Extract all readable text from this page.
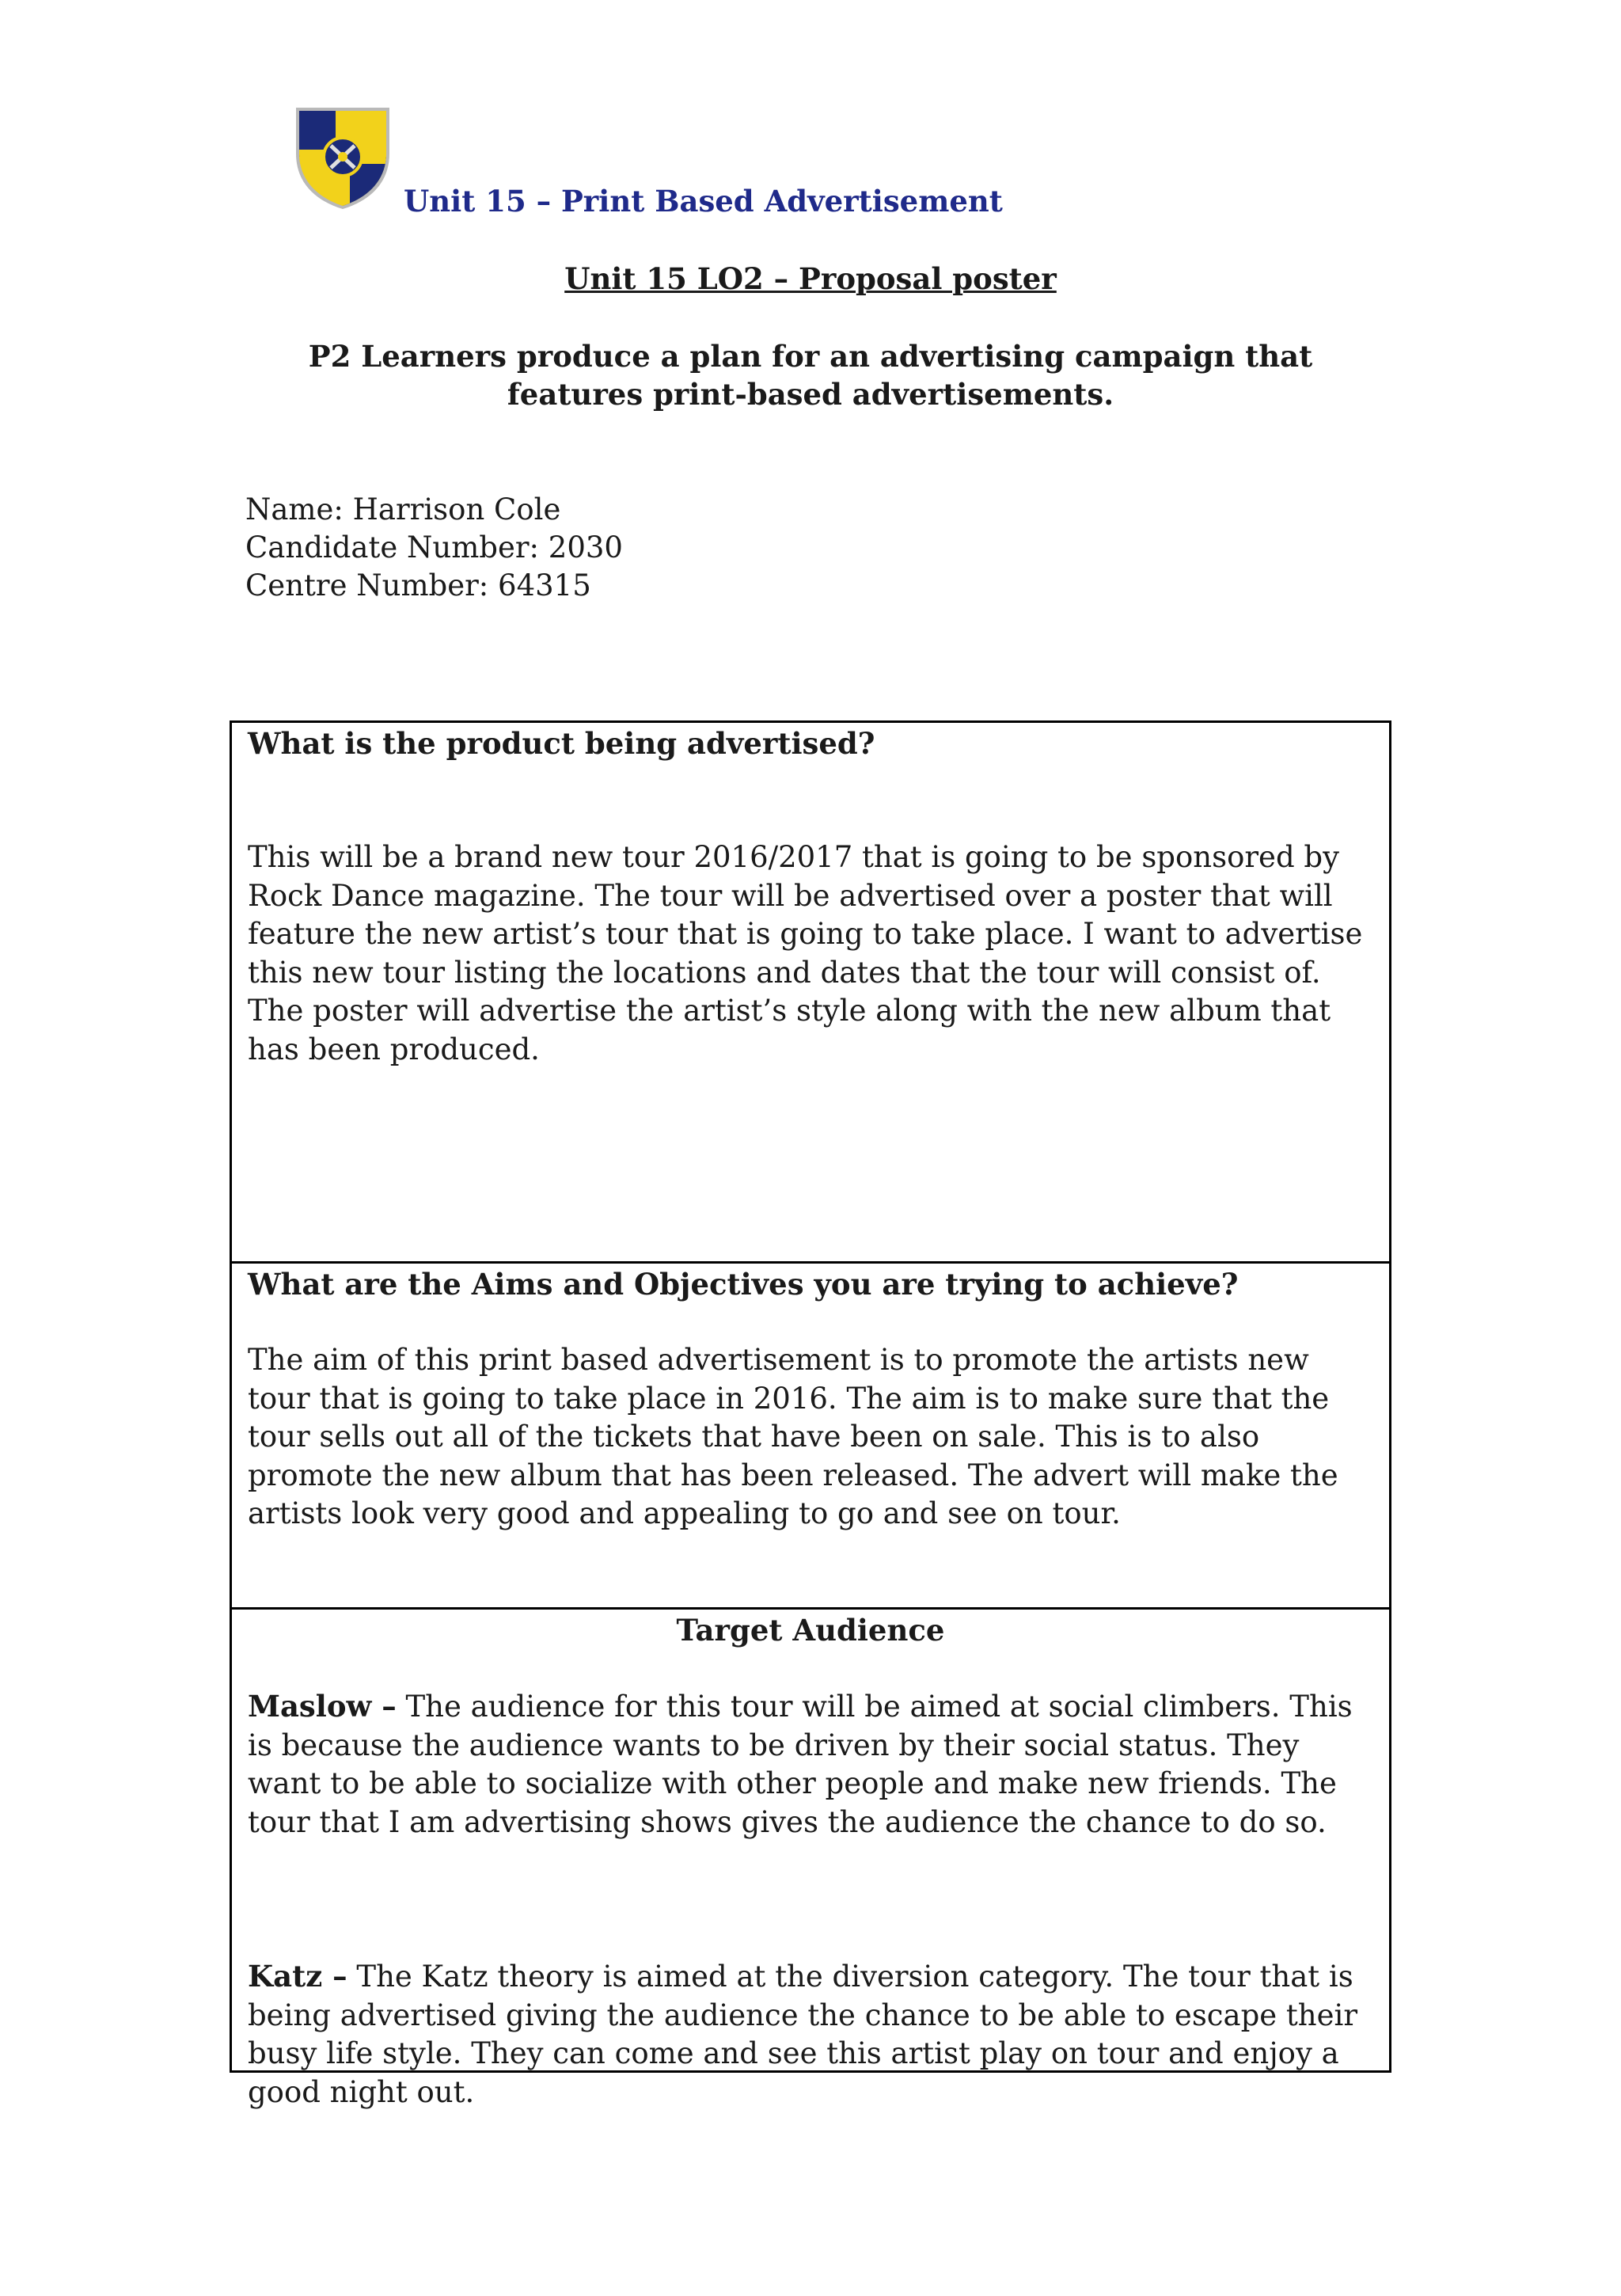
Unit 15 – Print Based Advertisement
Unit 15 LO2 – Proposal poster
P2 Learners produce a plan for an advertising campaign that features print-based advertisements.
Name: Harrison Cole
Candidate Number: 2030
Centre Number: 64315

What is the product being advertised?

This will be a brand new tour 2016/2017 that is going to be sponsored by Rock Dance magazine. The tour will be advertised over a poster that will feature the new artist’s tour that is going to take place. I want to advertise this new tour listing the locations and dates that the tour will consist of. The poster will advertise the artist’s style along with the new album that has been produced.

What are the Aims and Objectives you are trying to achieve?

The aim of this print based advertisement is to promote the artists new tour that is going to take place in 2016. The aim is to make sure that the tour sells out all of the tickets that have been on sale. This is to also promote the new album that has been released. The advert will make the artists look very good and appealing to go and see on tour.

Target Audience

Maslow – The audience for this tour will be aimed at social climbers. This is because the audience wants to be driven by their social status. They want to be able to socialize with other people and make new friends. The tour that I am advertising shows gives the audience the chance to do so.

Katz – The Katz theory is aimed at the diversion category. The tour that is being advertised giving the audience the chance to be able to escape their busy life style. They can come and see this artist play on tour and enjoy a good night out.
